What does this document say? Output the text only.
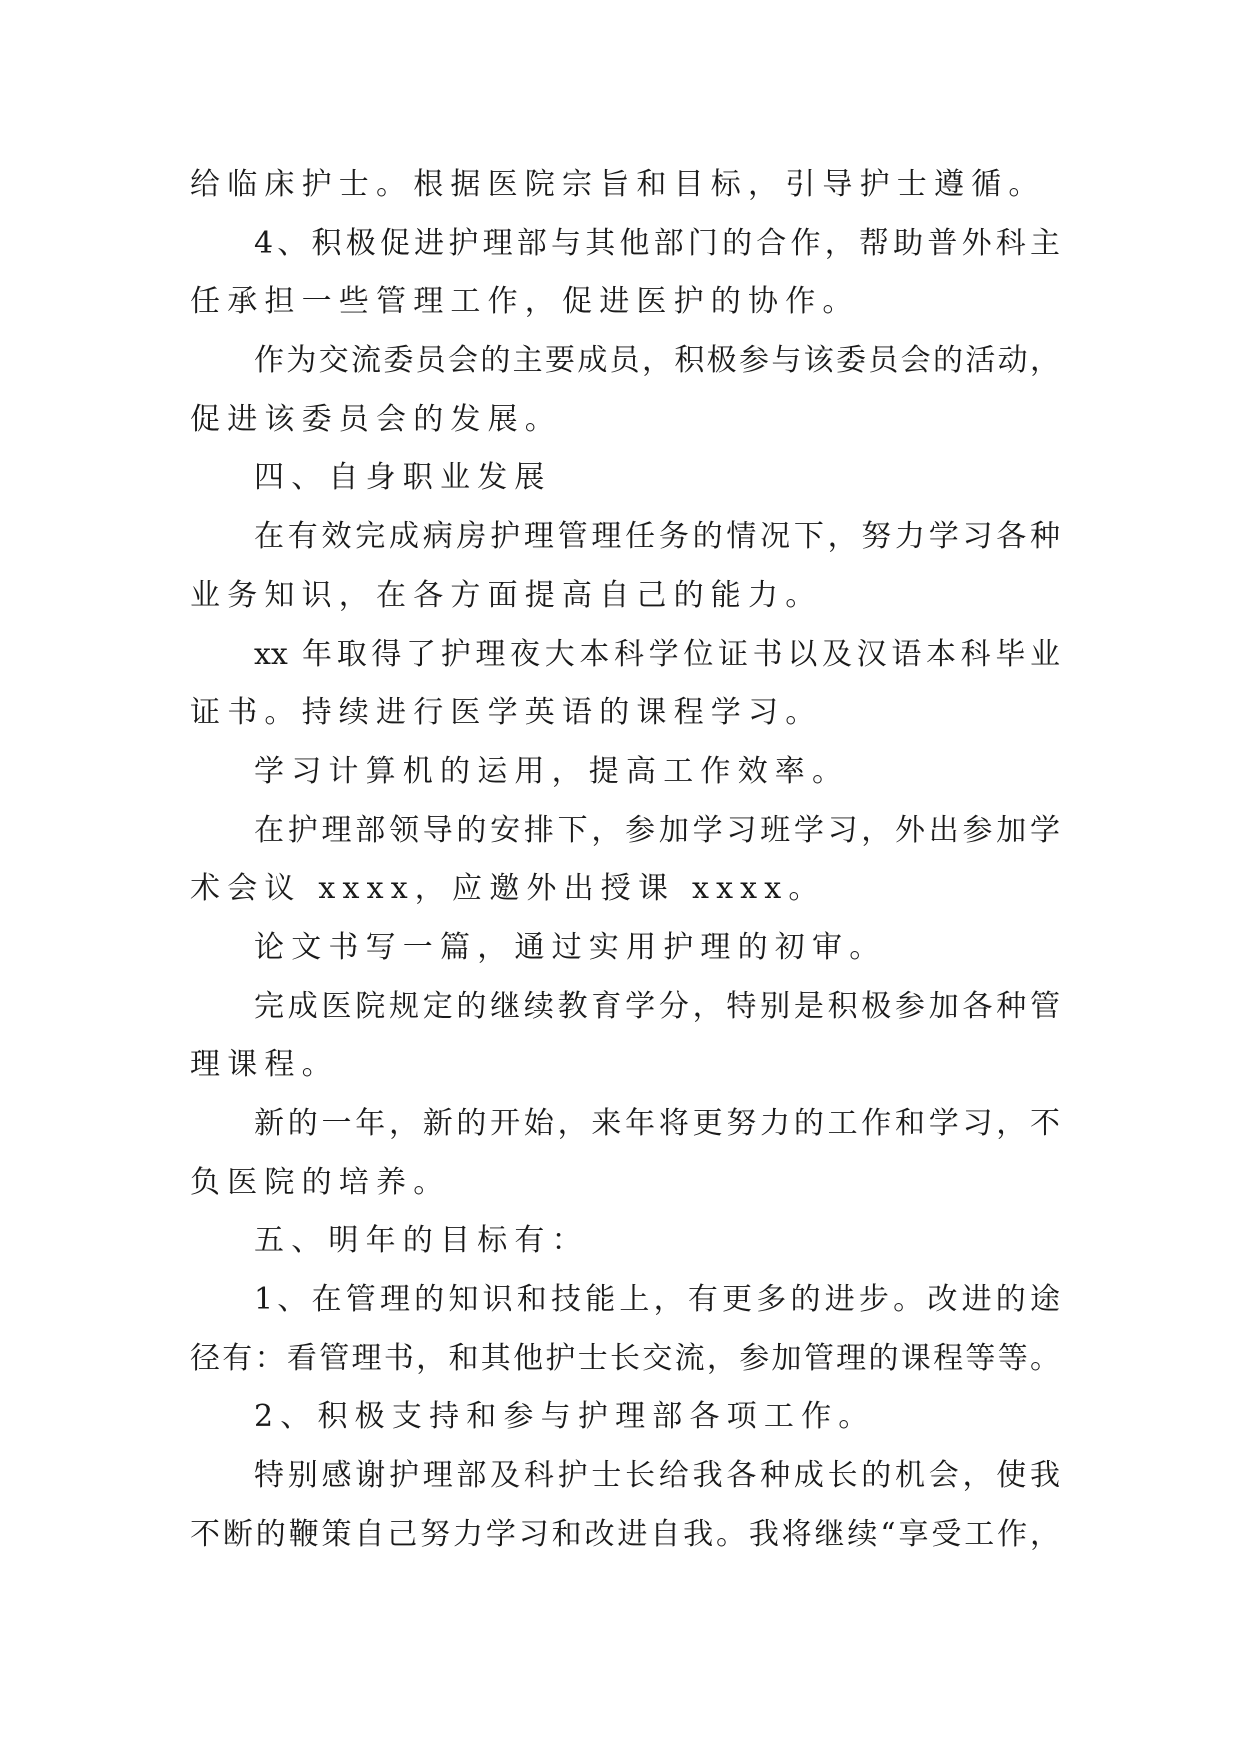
给临床护士。根据医院宗旨和目标，引导护士遵循。
4、积极促进护理部与其他部门的合作，帮助普外科主
任承担一些管理工作，促进医护的协作。
作为交流委员会的主要成员，积极参与该委员会的活动，
促进该委员会的发展。
四、自身职业发展
在有效完成病房护理管理任务的情况下，努力学习各种
业务知识，在各方面提高自己的能力。
xx 年取得了护理夜大本科学位证书以及汉语本科毕业
证书。持续进行医学英语的课程学习。
学习计算机的运用，提高工作效率。
在护理部领导的安排下，参加学习班学习，外出参加学
术会议 xxxx，应邀外出授课 xxxx。
论文书写一篇，通过实用护理的初审。
完成医院规定的继续教育学分，特别是积极参加各种管
理课程。
新的一年，新的开始，来年将更努力的工作和学习，不
负医院的培养。
五、明年的目标有：
1、在管理的知识和技能上，有更多的进步。改进的途
径有：看管理书，和其他护士长交流，参加管理的课程等等。
2、积极支持和参与护理部各项工作。
特别感谢护理部及科护士长给我各种成长的机会，使我
不断的鞭策自己努力学习和改进自我。我将继续“享受工作，
